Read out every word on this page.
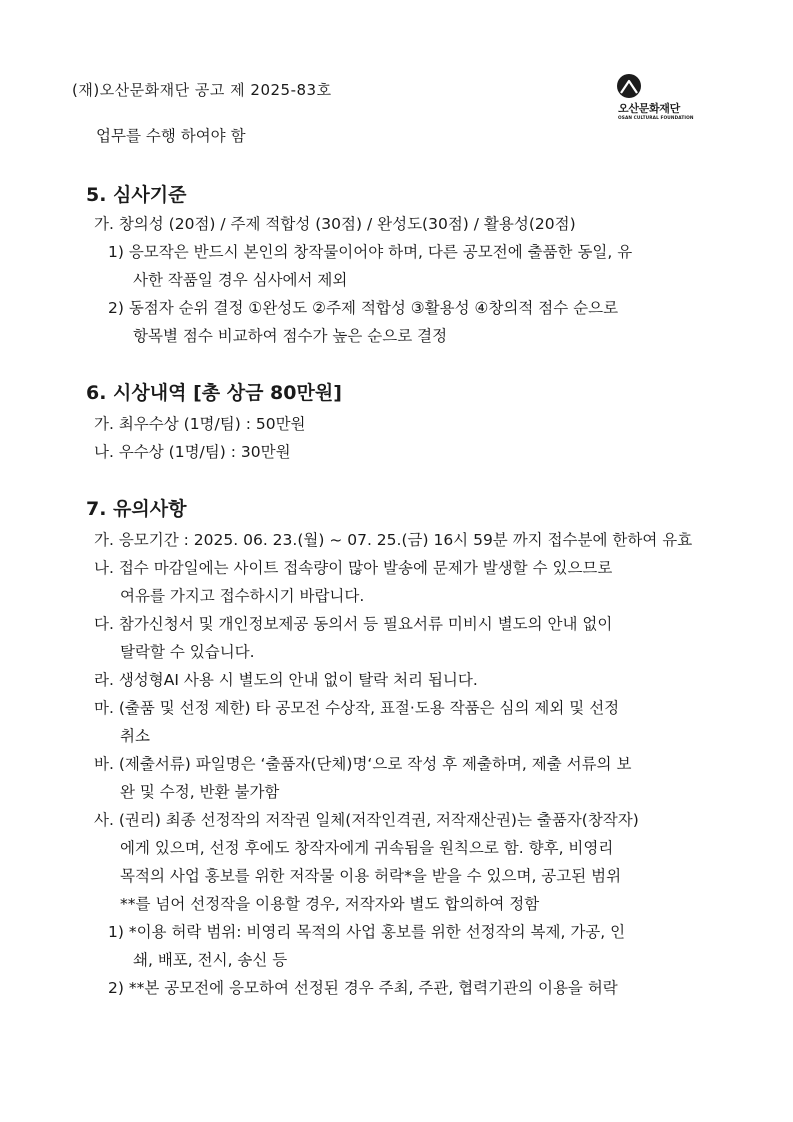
(재)오산문화재단 공고 제 2025-83호
오산문화재단
OSAN CULTURAL FOUNDATION
업무를 수행 하여야 함
5. 심사기준
가. 창의성 (20점) / 주제 적합성 (30점) / 완성도(30점) / 활용성(20점)
1) 응모작은 반드시 본인의 창작물이어야 하며, 다른 공모전에 출품한 동일, 유
사한 작품일 경우 심사에서 제외
2) 동점자 순위 결정 ①완성도 ②주제 적합성 ③활용성 ④창의적 점수 순으로
항목별 점수 비교하여 점수가 높은 순으로 결정
6. 시상내역 [총 상금 80만원]
가. 최우수상 (1명/팀) : 50만원
나. 우수상 (1명/팀) : 30만원
7. 유의사항
가. 응모기간 : 2025. 06. 23.(월) ~ 07. 25.(금) 16시 59분 까지 접수분에 한하여 유효
나. 접수 마감일에는 사이트 접속량이 많아 발송에 문제가 발생할 수 있으므로
여유를 가지고 접수하시기 바랍니다.
다. 참가신청서 및 개인정보제공 동의서 등 필요서류 미비시 별도의 안내 없이
탈락할 수 있습니다.
라. 생성형AI 사용 시 별도의 안내 없이 탈락 처리 됩니다.
마. (출품 및 선정 제한) 타 공모전 수상작, 표절·도용 작품은 심의 제외 및 선정
취소
바. (제출서류) 파일명은 ‘출품자(단체)명‘으로 작성 후 제출하며, 제출 서류의 보
완 및 수정, 반환 불가함
사. (권리) 최종 선정작의 저작권 일체(저작인격권, 저작재산권)는 출품자(창작자)
에게 있으며, 선정 후에도 창작자에게 귀속됨을 원칙으로 함. 향후, 비영리
목적의 사업 홍보를 위한 저작물 이용 허락*을 받을 수 있으며, 공고된 범위
**를 넘어 선정작을 이용할 경우, 저작자와 별도 합의하여 정함
1) *이용 허락 범위: 비영리 목적의 사업 홍보를 위한 선정작의 복제, 가공, 인
쇄, 배포, 전시, 송신 등
2) **본 공모전에 응모하여 선정된 경우 주최, 주관, 협력기관의 이용을 허락
